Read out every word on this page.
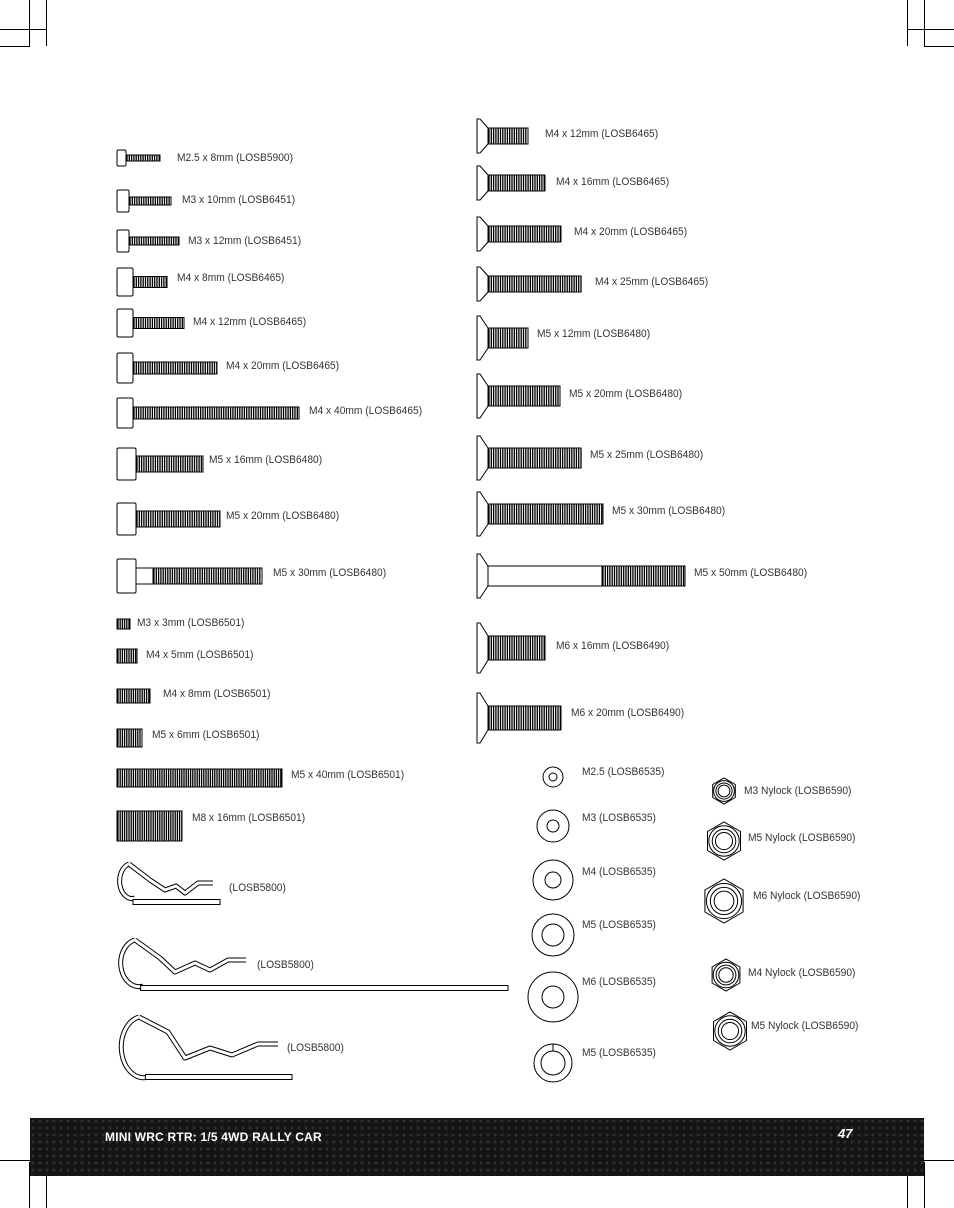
M2.5 x 8mm (LOSB5900)
M3 x 10mm (LOSB6451)
M3 x 12mm (LOSB6451)
M4 x 8mm (LOSB6465)
M4 x 12mm (LOSB6465)
M4 x 20mm (LOSB6465)
M4 x 40mm (LOSB6465)
M5 x 16mm (LOSB6480)
M5 x 20mm (LOSB6480)
M5 x 30mm (LOSB6480)
M3 x 3mm (LOSB6501)
M4 x 5mm (LOSB6501)
M4 x 8mm (LOSB6501)
M5 x 6mm (LOSB6501)
M5 x 40mm (LOSB6501)
M8 x 16mm (LOSB6501)
(LOSB5800)
(LOSB5800)
(LOSB5800)
M4 x 12mm (LOSB6465)
M4 x 16mm (LOSB6465)
M4 x 20mm (LOSB6465)
M4 x 25mm (LOSB6465)
M5 x 12mm (LOSB6480)
M5 x 20mm (LOSB6480)
M5 x 25mm (LOSB6480)
M5 x 30mm (LOSB6480)
M5 x 50mm (LOSB6480)
M6 x 16mm (LOSB6490)
M6 x 20mm (LOSB6490)
M2.5 (LOSB6535)
M3 (LOSB6535)
M4 (LOSB6535)
M5 (LOSB6535)
M6 (LOSB6535)
M5 (LOSB6535)
M3 Nylock (LOSB6590)
M5 Nylock (LOSB6590)
M6 Nylock (LOSB6590)
M4 Nylock (LOSB6590)
M5 Nylock (LOSB6590)
MINI WRC RTR: 1/5 4WD RALLY CAR	47
